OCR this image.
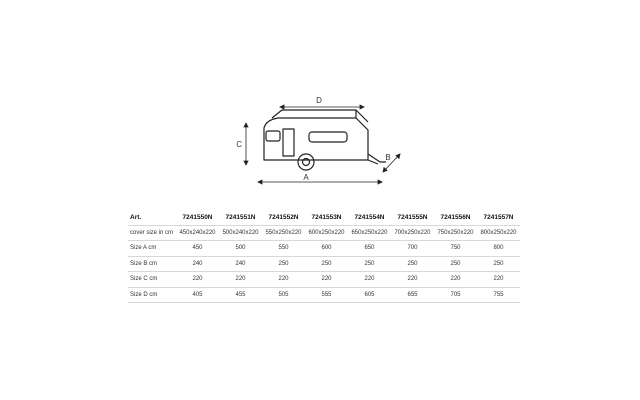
D
C
A
B
Art.	7241550N	7241551N	7241552N	7241553N	7241554N	7241555N	7241556N	7241557N
cover size in cm	450x240x220	500x240x220	550x250x220	600x250x220	650x250x220	700x250x220	750x250x220	800x250x220
Size A cm	450	500	550	600	650	700	750	800
Size B cm	240	240	250	250	250	250	250	250
Size C cm	220	220	220	220	220	220	220	220
Size D cm	405	455	505	555	605	655	705	755
